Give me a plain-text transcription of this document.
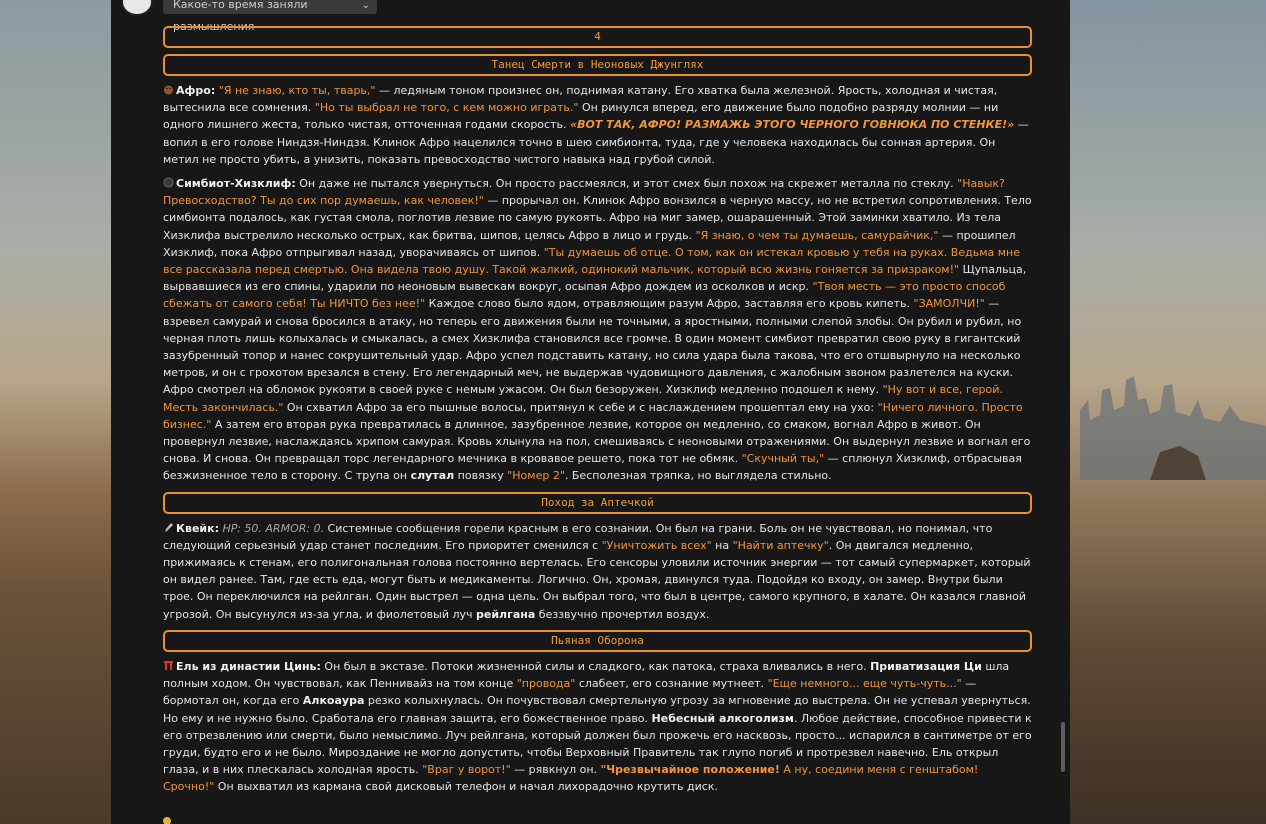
Какое-то время заняли размышления
⌄
4
Танец Смерти в Неоновых Джунглях

Афро: "Я не знаю, кто ты, тварь," — ледяным тоном произнес он, поднимая катану. Его хватка была железной. Ярость, холодная и чистая, вытеснила все сомнения. "Но ты выбрал не того, с кем можно играть." Он ринулся вперед, его движение было подобно разряду молнии — ни одного лишнего жеста, только чистая, отточенная годами скорость. «ВОТ ТАК, АФРО! РАЗМАЖЬ ЭТОГО ЧЕРНОГО ГОВНЮКА ПО СТЕНКЕ!» — вопил в его голове Ниндзя-Ниндзя. Клинок Афро нацелился точно в шею симбионта, туда, где у человека находилась бы сонная артерия. Он метил не просто убить, а унизить, показать превосходство чистого навыка над грубой силой.

Симбиот-Хизклиф: Он даже не пытался увернуться. Он просто рассмеялся, и этот смех был похож на скрежет металла по стеклу. "Навык? Превосходство? Ты до сих пор думаешь, как человек!" — прорычал он. Клинок Афро вонзился в черную массу, но не встретил сопротивления. Тело симбионта подалось, как густая смола, поглотив лезвие по самую рукоять. Афро на миг замер, ошарашенный. Этой заминки хватило. Из тела Хизклифа выстрелило несколько острых, как бритва, шипов, целясь Афро в лицо и грудь. "Я знаю, о чем ты думаешь, самурайчик," — прошипел Хизклиф, пока Афро отпрыгивал назад, уворачиваясь от шипов. "Ты думаешь об отце. О том, как он истекал кровью у тебя на руках. Ведьма мне все рассказала перед смертью. Она видела твою душу. Такой жалкий, одинокий мальчик, который всю жизнь гоняется за призраком!" Щупальца, вырвавшиеся из его спины, ударили по неоновым вывескам вокруг, осыпая Афро дождем из осколков и искр. "Твоя месть — это просто способ сбежать от самого себя! Ты НИЧТО без нее!" Каждое слово было ядом, отравляющим разум Афро, заставляя его кровь кипеть. "ЗАМОЛЧИ!" — взревел самурай и снова бросился в атаку, но теперь его движения были не точными, а яростными, полными слепой злобы. Он рубил и рубил, но черная плоть лишь колыхалась и смыкалась, а смех Хизклифа становился все громче. В один момент симбиот превратил свою руку в гигантский зазубренный топор и нанес сокрушительный удар. Афро успел подставить катану, но сила удара была такова, что его отшвырнуло на несколько метров, и он с грохотом врезался в стену. Его легендарный меч, не выдержав чудовищного давления, с жалобным звоном разлетелся на куски. Афро смотрел на обломок рукояти в своей руке с немым ужасом. Он был безоружен. Хизклиф медленно подошел к нему. "Ну вот и все, герой. Месть закончилась." Он схватил Афро за его пышные волосы, притянул к себе и с наслаждением прошептал ему на ухо: "Ничего личного. Просто бизнес." А затем его вторая рука превратилась в длинное, зазубренное лезвие, которое он медленно, со смаком, вогнал Афро в живот. Он провернул лезвие, наслаждаясь хрипом самурая. Кровь хлынула на пол, смешиваясь с неоновыми отражениями. Он выдернул лезвие и вогнал его снова. И снова. Он превращал торс легендарного мечника в кровавое решето, пока тот не обмяк. "Скучный ты," — сплюнул Хизклиф, отбрасывая безжизненное тело в сторону. С трупа он слутал повязку "Номер 2". Бесполезная тряпка, но выглядела стильно.

Поход за Аптечкой

Квейк: HP: 50. ARMOR: 0. Системные сообщения горели красным в его сознании. Он был на грани. Боль он не чувствовал, но понимал, что следующий серьезный удар станет последним. Его приоритет сменился с "Уничтожить всех" на "Найти аптечку". Он двигался медленно, прижимаясь к стенам, его полигональная голова постоянно вертелась. Его сенсоры уловили источник энергии — тот самый супермаркет, который он видел ранее. Там, где есть еда, могут быть и медикаменты. Логично. Он, хромая, двинулся туда. Подойдя ко входу, он замер. Внутри были трое. Он переключился на рейлган. Один выстрел — одна цель. Он выбрал того, что был в центре, самого крупного, в халате. Он казался главной угрозой. Он высунулся из-за угла, и фиолетовый луч рейлгана беззвучно прочертил воздух.

Пьяная Оборона

Ель из династии Цинь: Он был в экстазе. Потоки жизненной силы и сладкого, как патока, страха вливались в него. Приватизация Ци шла полным ходом. Он чувствовал, как Пеннивайз на том конце "провода" слабеет, его сознание мутнеет. "Еще немного... еще чуть-чуть..." — бормотал он, когда его Алкоаура резко колыхнулась. Он почувствовал смертельную угрозу за мгновение до выстрела. Он не успевал увернуться. Но ему и не нужно было. Сработала его главная защита, его божественное право. Небесный алкоголизм. Любое действие, способное привести к его отрезвлению или смерти, было немыслимо. Луч рейлгана, который должен был прожечь его насквозь, просто... испарился в сантиметре от его груди, будто его и не было. Мироздание не могло допустить, чтобы Верховный Правитель так глупо погиб и протрезвел навечно. Ель открыл глаза, и в них плескалась холодная ярость. "Враг у ворот!" — рявкнул он. "Чрезвычайное положение! А ну, соедини меня с генштабом! Срочно!" Он выхватил из кармана свой дисковый телефон и начал лихорадочно крутить диск.
